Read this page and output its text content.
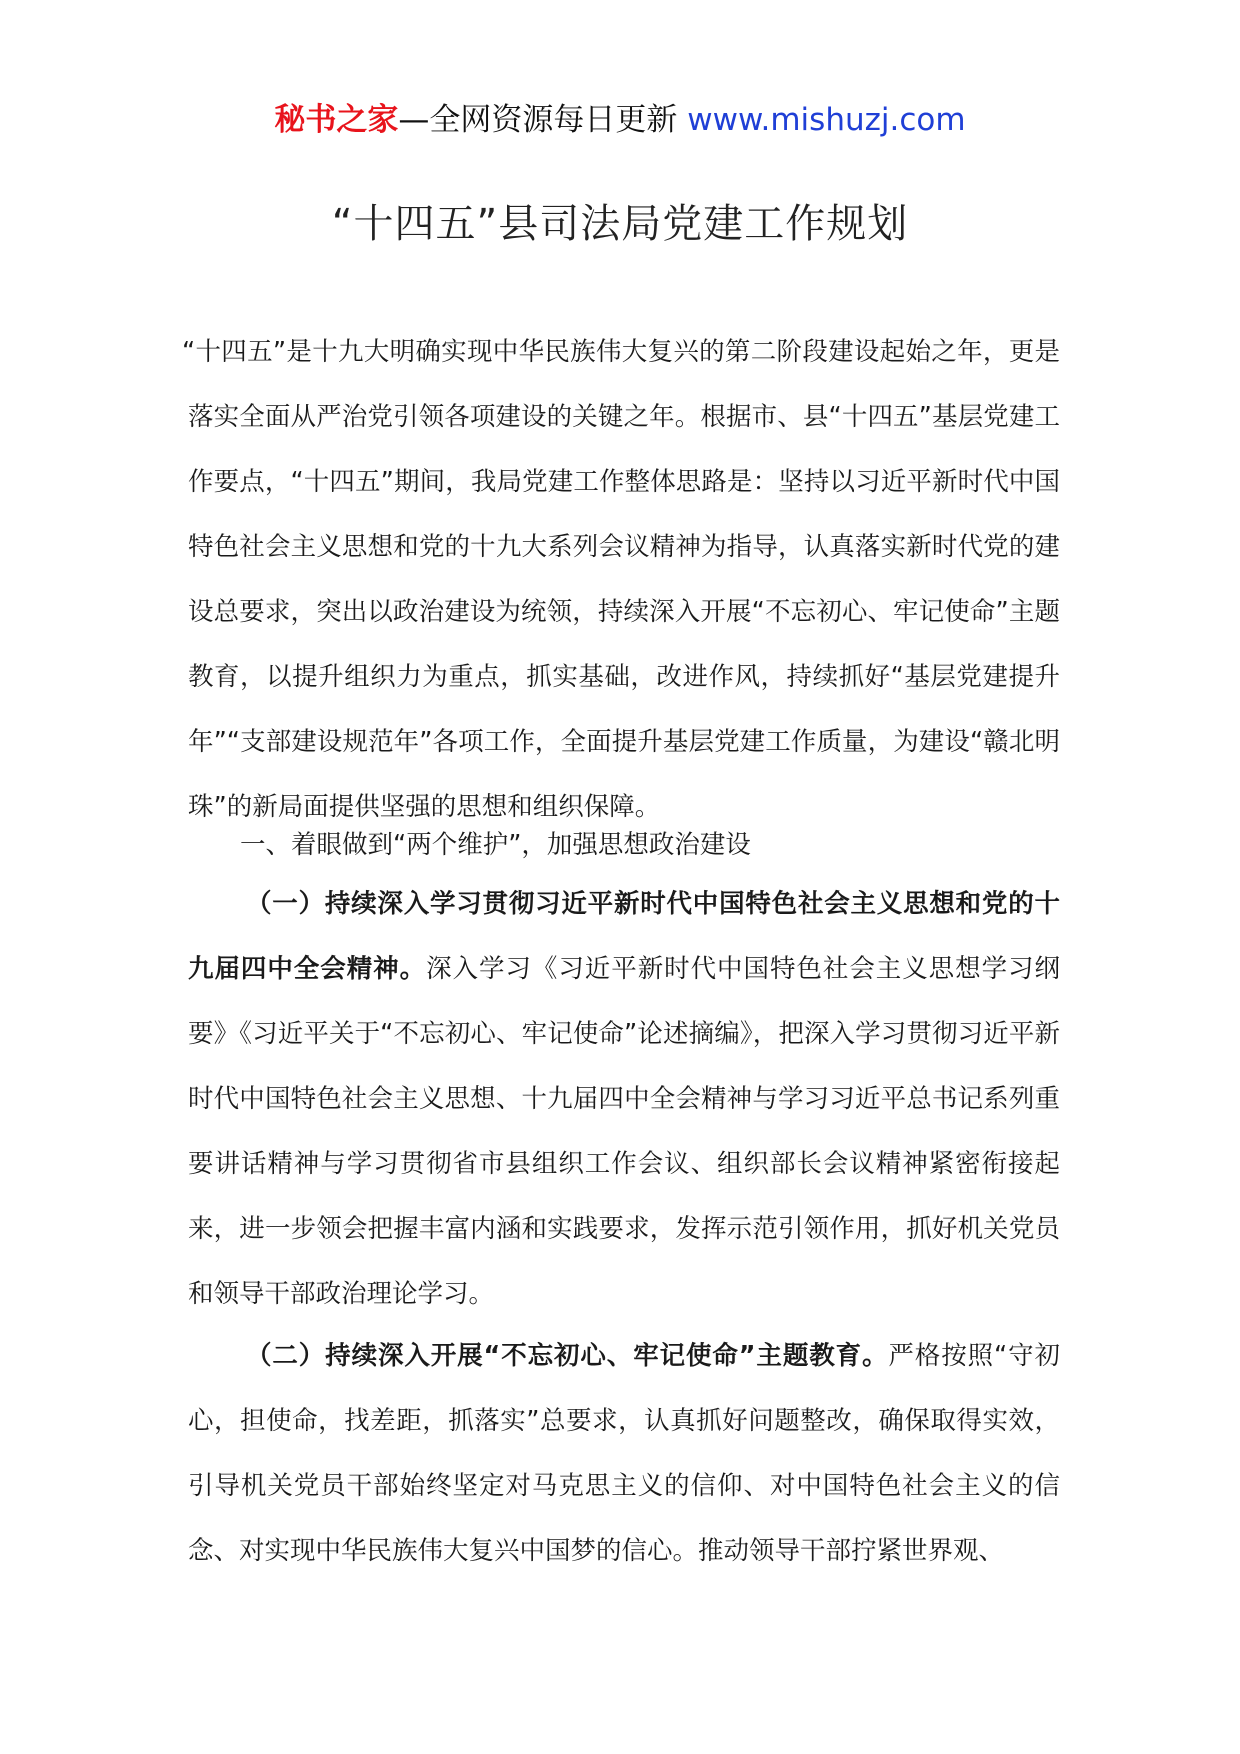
秘书之家—全网资源每日更新 www.mishuzj.com
“十四五”县司法局党建工作规划

“十四五”是十九大明确实现中华民族伟大复兴的第二阶段建设起始之年，更是落实全面从严治党引领各项建设的关键之年。根据市、县“十四五”基层党建工作要点，“十四五”期间，我局党建工作整体思路是：坚持以习近平新时代中国特色社会主义思想和党的十九大系列会议精神为指导，认真落实新时代党的建设总要求，突出以政治建设为统领，持续深入开展“不忘初心、牢记使命”主题教育，以提升组织力为重点，抓实基础，改进作风，持续抓好“基层党建提升年”“支部建设规范年”各项工作，全面提升基层党建工作质量，为建设“赣北明珠”的新局面提供坚强的思想和组织保障。

一、着眼做到“两个维护”，加强思想政治建设

（一）持续深入学习贯彻习近平新时代中国特色社会主义思想和党的十九届四中全会精神。深入学习《习近平新时代中国特色社会主义思想学习纲要》《习近平关于“不忘初心、牢记使命”论述摘编》，把深入学习贯彻习近平新时代中国特色社会主义思想、十九届四中全会精神与学习习近平总书记系列重要讲话精神与学习贯彻省市县组织工作会议、组织部长会议精神紧密衔接起来，进一步领会把握丰富内涵和实践要求，发挥示范引领作用，抓好机关党员和领导干部政治理论学习。

（二）持续深入开展“不忘初心、牢记使命”主题教育。严格按照“守初心，担使命，找差距，抓落实”总要求，认真抓好问题整改，确保取得实效，引导机关党员干部始终坚定对马克思主义的信仰、对中国特色社会主义的信念、对实现中华民族伟大复兴中国梦的信心。推动领导干部拧紧世界观、
